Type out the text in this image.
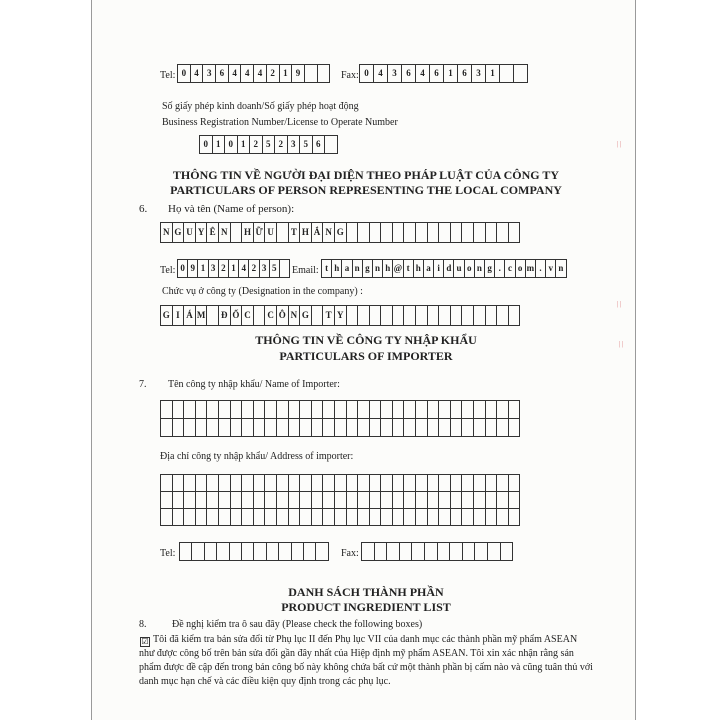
| |
| |
| |
Tel: 0 4 3 6 4 4 4 2 1 9	Fax: 0	4	3	6	4	6	1	6	3	1
Số giấy phép kinh doanh/Số giấy phép hoạt động
Business Registration Number/License to Operate Number
0 1 0 1 2 5 2 3 5 6
THÔNG TIN VỀ NGƯỜI ĐẠI DIỆN THEO PHÁP LUẬT CỦA CÔNG TY
PARTICULARS OF PERSON REPRESENTING THE LOCAL COMPANY
6. Họ và tên (Name of person):
N G U Y Ê N	H Ữ U	T H Ắ N G
Tel: 0 9 1 3 2 1 4 2 3 5	Email: t h a n g n h @ t h a i d u o n g . c o m . v n
Chức vụ ở công ty (Designation in the company) :
G I Á M Đ Ố C	C Ô N G	T Y
THÔNG TIN VỀ CÔNG TY NHẬP KHẨU
PARTICULARS OF IMPORTER
7. Tên công ty nhập khẩu/ Name of Importer:
Địa chỉ công ty nhập khẩu/ Address of importer:
Tel:	Fax:
DANH SÁCH THÀNH PHẦN
PRODUCT INGREDIENT LIST
8.	Đề nghị kiểm tra ô sau đây (Please check the following boxes)
☑ Tôi đã kiểm tra bản sửa đổi từ Phụ lục II đến Phụ lục VII của danh mục các thành phần mỹ phẩm ASEAN
như được công bố trên bản sửa đổi gần đây nhất của Hiệp định mỹ phẩm ASEAN. Tôi xin xác nhận rằng sản
phẩm được đề cập đến trong bản công bố này không chứa bất cứ một thành phần bị cấm nào và cũng tuân thủ với
danh mục hạn chế và các điều kiện quy định trong các phụ lục.
